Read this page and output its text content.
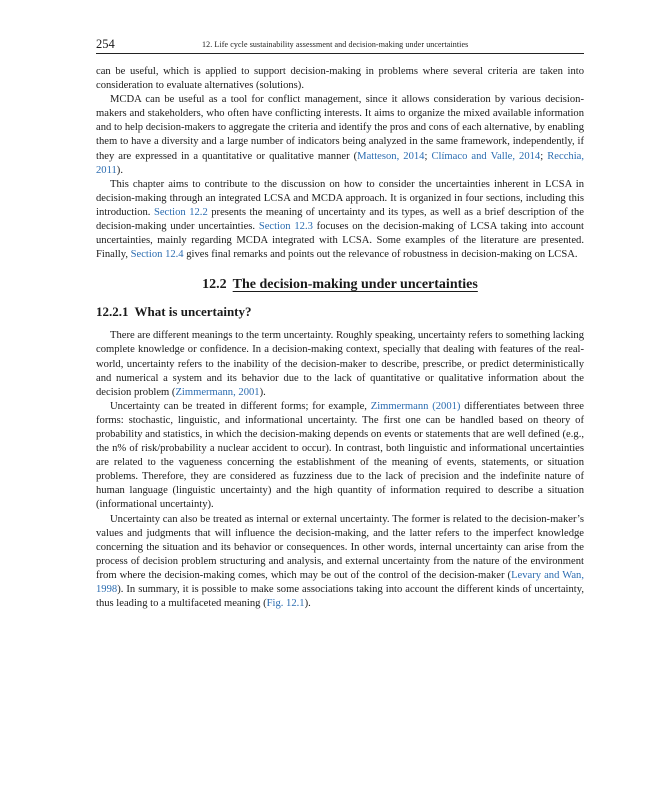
254	12. Life cycle sustainability assessment and decision-making under uncertainties

can be useful, which is applied to support decision-making in problems where several criteria are taken into consideration to evaluate alternatives (solutions).

MCDA can be useful as a tool for conflict management, since it allows consideration by various decision-makers and stakeholders, who often have conflicting interests. It aims to organize the mixed available information and to help decision-makers to aggregate the criteria and identify the pros and cons of each alternative, by enabling them to have a diversity and a large number of indicators being analyzed in the same framework, independently, if they are expressed in a quantitative or qualitative manner (Matteson, 2014; Clímaco and Valle, 2014; Recchia, 2011).

This chapter aims to contribute to the discussion on how to consider the uncertainties inherent in LCSA in decision-making through an integrated LCSA and MCDA approach. It is organized in four sections, including this introduction. Section 12.2 presents the meaning of uncertainty and its types, as well as a brief description of the decision-making under uncertainties. Section 12.3 focuses on the decision-making of LCSA taking into account uncertainties, mainly regarding MCDA integrated with LCSA. Some examples of the literature are presented. Finally, Section 12.4 gives final remarks and points out the relevance of robustness in decision-making on LCSA.

12.2 The decision-making under uncertainties
12.2.1 What is uncertainty?

There are different meanings to the term uncertainty. Roughly speaking, uncertainty refers to something lacking complete knowledge or confidence. In a decision-making context, specially that dealing with features of the real-world, uncertainty refers to the inability of the decision-maker to describe, prescribe, or predict deterministically and numerical a system and its behavior due to the lack of quantitative or qualitative information about the decision problem (Zimmermann, 2001).

Uncertainty can be treated in different forms; for example, Zimmermann (2001) differentiates between three forms: stochastic, linguistic, and informational uncertainty. The first one can be handled based on theory of probability and statistics, in which the decision-making depends on events or statements that are well defined (e.g., the n% of risk/probability a nuclear accident to occur). In contrast, both linguistic and informational uncertainties are related to the vagueness concerning the establishment of the meaning of events, statements, or situation problems. Therefore, they are considered as fuzziness due to the lack of precision and the indefinite nature of human language (linguistic uncertainty) and the high quantity of information required to describe a situation (informational uncertainty).

Uncertainty can also be treated as internal or external uncertainty. The former is related to the decision-maker’s values and judgments that will influence the decision-making, and the latter refers to the imperfect knowledge concerning the situation and its behavior or consequences. In other words, internal uncertainty can arise from the process of decision problem structuring and analysis, and external uncertainty from the nature of the environment from where the decision-making comes, which may be out of the control of the decision-maker (Levary and Wan, 1998). In summary, it is possible to make some associations taking into account the different kinds of uncertainty, thus leading to a multifaceted meaning (Fig. 12.1).
